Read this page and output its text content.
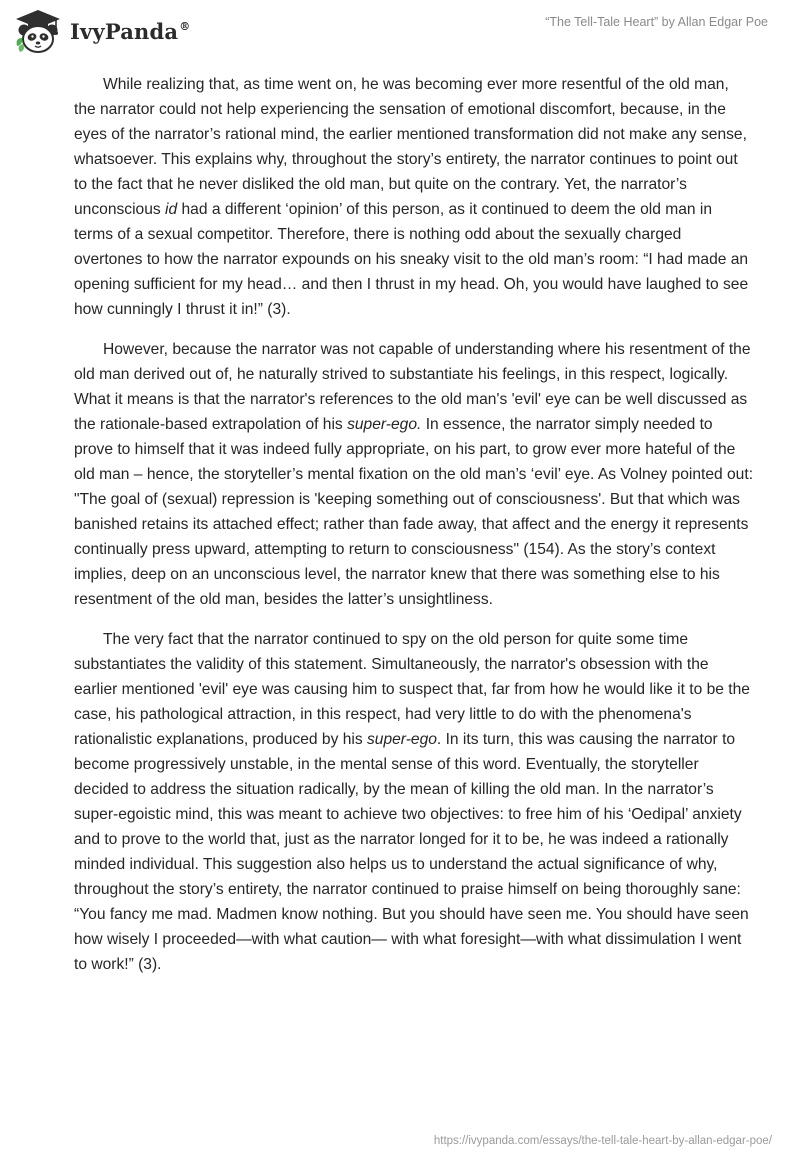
IvyPanda®	“The Tell-Tale Heart” by Allan Edgar Poe

While realizing that, as time went on, he was becoming ever more resentful of the old man, the narrator could not help experiencing the sensation of emotional discomfort, because, in the eyes of the narrator’s rational mind, the earlier mentioned transformation did not make any sense, whatsoever. This explains why, throughout the story’s entirety, the narrator continues to point out to the fact that he never disliked the old man, but quite on the contrary. Yet, the narrator’s unconscious id had a different ‘opinion’ of this person, as it continued to deem the old man in terms of a sexual competitor. Therefore, there is nothing odd about the sexually charged overtones to how the narrator expounds on his sneaky visit to the old man’s room: “I had made an opening sufficient for my head… and then I thrust in my head. Oh, you would have laughed to see how cunningly I thrust it in!” (3).

However, because the narrator was not capable of understanding where his resentment of the old man derived out of, he naturally strived to substantiate his feelings, in this respect, logically. What it means is that the narrator's references to the old man's 'evil' eye can be well discussed as the rationale-based extrapolation of his super-ego. In essence, the narrator simply needed to prove to himself that it was indeed fully appropriate, on his part, to grow ever more hateful of the old man – hence, the storyteller’s mental fixation on the old man’s ‘evil’ eye. As Volney pointed out: "The goal of (sexual) repression is 'keeping something out of consciousness'. But that which was banished retains its attached effect; rather than fade away, that affect and the energy it represents continually press upward, attempting to return to consciousness" (154). As the story’s context implies, deep on an unconscious level, the narrator knew that there was something else to his resentment of the old man, besides the latter’s unsightliness.

The very fact that the narrator continued to spy on the old person for quite some time substantiates the validity of this statement. Simultaneously, the narrator's obsession with the earlier mentioned 'evil' eye was causing him to suspect that, far from how he would like it to be the case, his pathological attraction, in this respect, had very little to do with the phenomena's rationalistic explanations, produced by his super-ego. In its turn, this was causing the narrator to become progressively unstable, in the mental sense of this word. Eventually, the storyteller decided to address the situation radically, by the mean of killing the old man. In the narrator’s super-egoistic mind, this was meant to achieve two objectives: to free him of his ‘Oedipal’ anxiety and to prove to the world that, just as the narrator longed for it to be, he was indeed a rationally minded individual. This suggestion also helps us to understand the actual significance of why, throughout the story’s entirety, the narrator continued to praise himself on being thoroughly sane: “You fancy me mad. Madmen know nothing. But you should have seen me. You should have seen how wisely I proceeded—with what caution— with what foresight—with what dissimulation I went to work!” (3).

https://ivypanda.com/essays/the-tell-tale-heart-by-allan-edgar-poe/
